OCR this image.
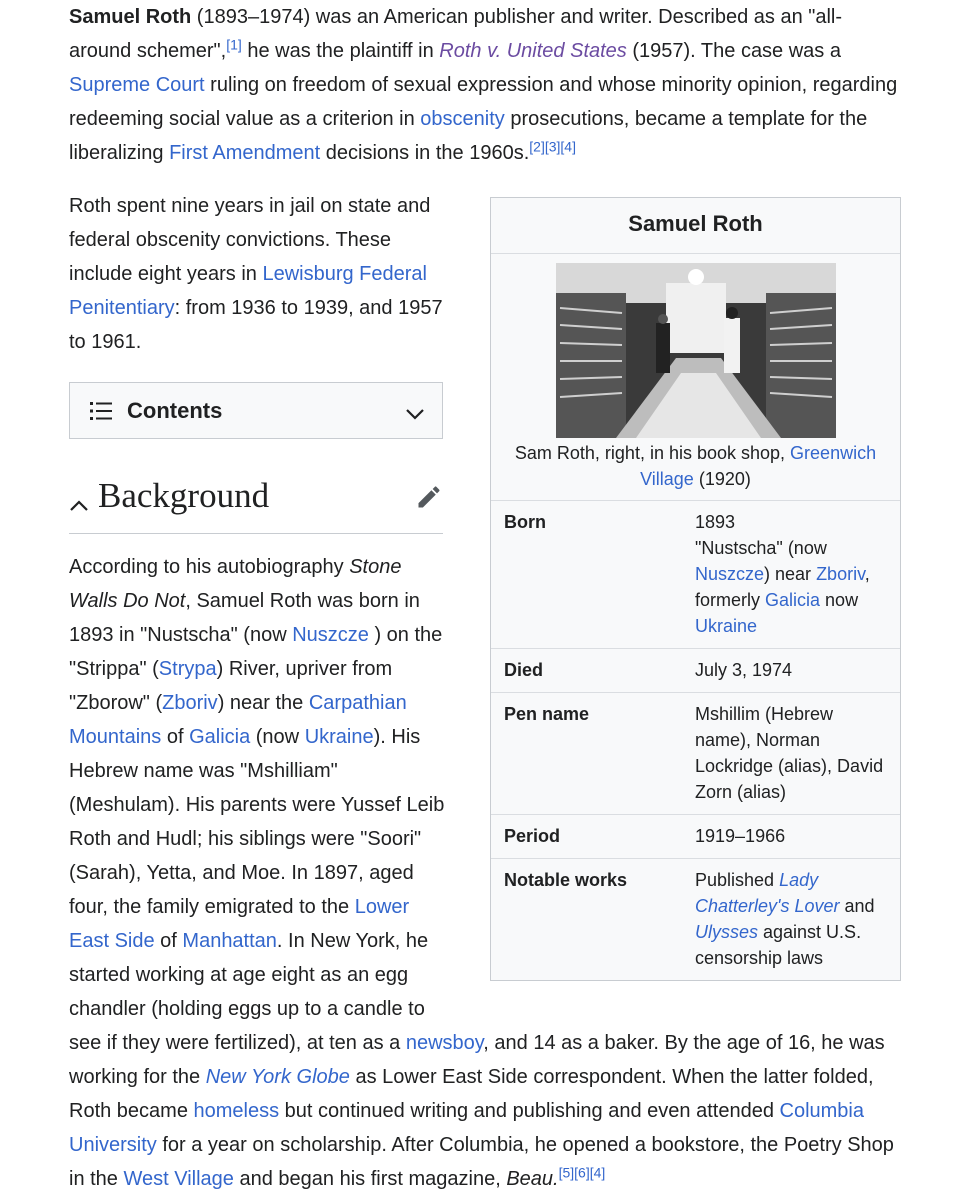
Samuel Roth (1893–1974) was an American publisher and writer. Described as an "all-around schemer",[1] he was the plaintiff in Roth v. United States (1957). The case was a Supreme Court ruling on freedom of sexual expression and whose minority opinion, regarding redeeming social value as a criterion in obscenity prosecutions, became a template for the liberalizing First Amendment decisions in the 1960s.[2][3][4]

Samuel Roth
Sam Roth, right, in his book shop, Greenwich Village (1920)
Born	1893
"Nustscha" (now Nuszcze) near Zboriv, formerly Galicia now Ukraine
Died	July 3, 1974
Pen name	Mshillim (Hebrew name), Norman Lockridge (alias), David Zorn (alias)
Period	1919–1966
Notable works	Published Lady Chatterley's Lover and Ulysses against U.S. censorship laws

Roth spent nine years in jail on state and federal obscenity convictions. These include eight years in Lewisburg Federal Penitentiary: from 1936 to 1939, and 1957 to 1961.

Contents
Background

According to his autobiography Stone Walls Do Not, Samuel Roth was born in 1893 in "Nustscha" (now Nuszcze ) on the "Strippa" (Strypa) River, upriver from "Zborow" (Zboriv) near the Carpathian Mountains of Galicia (now Ukraine). His Hebrew name was "Mshilliam" (Meshulam). His parents were Yussef Leib Roth and Hudl; his siblings were "Soori" (Sarah), Yetta, and Moe. In 1897, aged four, the family emigrated to the Lower East Side of Manhattan. In New York, he started working at age eight as an egg chandler (holding eggs up to a candle to see if they were fertilized), at ten as a newsboy, and 14 as a baker. By the age of 16, he was working for the New York Globe as Lower East Side correspondent. When the latter folded, Roth became homeless but continued writing and publishing and even attended Columbia University for a year on scholarship. After Columbia, he opened a bookstore, the Poetry Shop in the West Village and began his first magazine, Beau.[5][6][4]
